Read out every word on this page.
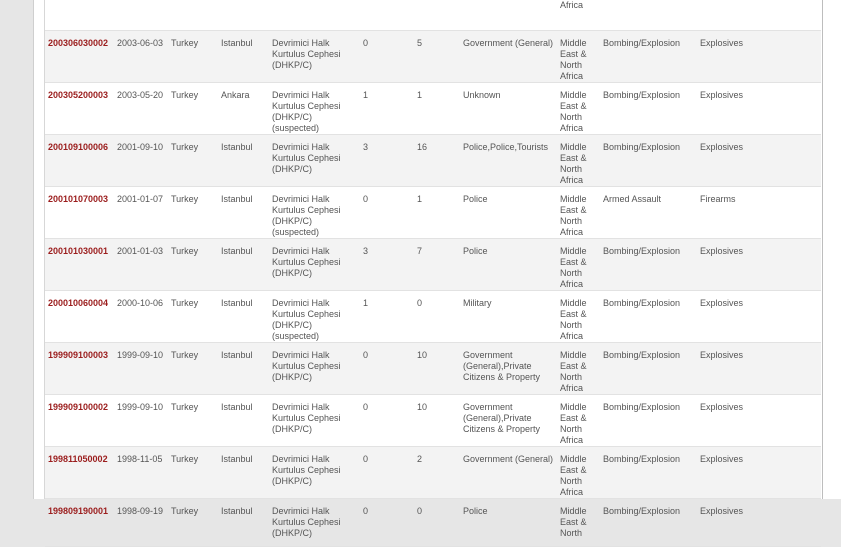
								Africa		
200306030002	2003-06-03	Turkey	Istanbul	Devrimici Halk Kurtulus Cephesi (DHKP/C)	0	5	Government (General)	Middle East & North Africa	Bombing/Explosion	Explosives
200305200003	2003-05-20	Turkey	Ankara	Devrimici Halk Kurtulus Cephesi (DHKP/C) (suspected)	1	1	Unknown	Middle East & North Africa	Bombing/Explosion	Explosives
200109100006	2001-09-10	Turkey	Istanbul	Devrimici Halk Kurtulus Cephesi (DHKP/C)	3	16	Police,Police,Tourists	Middle East & North Africa	Bombing/Explosion	Explosives
200101070003	2001-01-07	Turkey	Istanbul	Devrimici Halk Kurtulus Cephesi (DHKP/C) (suspected)	0	1	Police	Middle East & North Africa	Armed Assault	Firearms
200101030001	2001-01-03	Turkey	Istanbul	Devrimici Halk Kurtulus Cephesi (DHKP/C)	3	7	Police	Middle East & North Africa	Bombing/Explosion	Explosives
200010060004	2000-10-06	Turkey	Istanbul	Devrimici Halk Kurtulus Cephesi (DHKP/C) (suspected)	1	0	Military	Middle East & North Africa	Bombing/Explosion	Explosives
199909100003	1999-09-10	Turkey	Istanbul	Devrimici Halk Kurtulus Cephesi (DHKP/C)	0	10	Government (General),Private Citizens & Property	Middle East & North Africa	Bombing/Explosion	Explosives
199909100002	1999-09-10	Turkey	Istanbul	Devrimici Halk Kurtulus Cephesi (DHKP/C)	0	10	Government (General),Private Citizens & Property	Middle East & North Africa	Bombing/Explosion	Explosives
199811050002	1998-11-05	Turkey	Istanbul	Devrimici Halk Kurtulus Cephesi (DHKP/C)	0	2	Government (General)	Middle East & North Africa	Bombing/Explosion	Explosives
199809190001	1998-09-19	Turkey	Istanbul	Devrimici Halk Kurtulus Cephesi (DHKP/C)	0	0	Police	Middle East & North	Bombing/Explosion	Explosives
